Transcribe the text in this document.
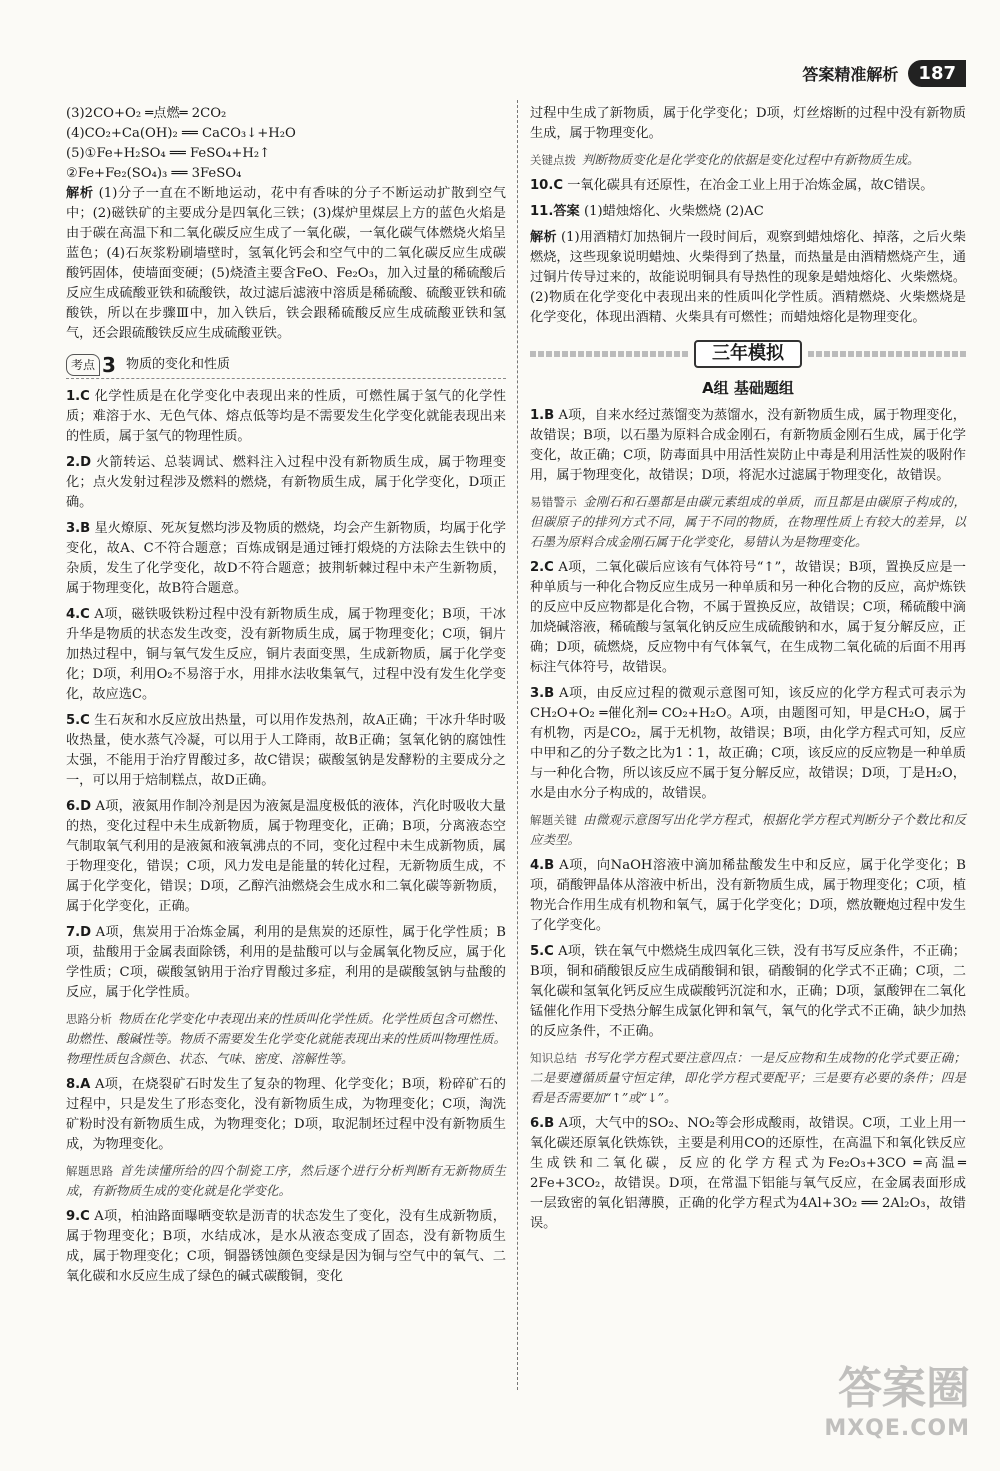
答案精准解析	187

(3)2CO+O₂ ═点燃═ 2CO₂

(4)CO₂+Ca(OH)₂ ══ CaCO₃↓+H₂O

(5)①Fe+H₂SO₄ ══ FeSO₄+H₂↑

②Fe+Fe₂(SO₄)₃ ══ 3FeSO₄

解析 (1)分子一直在不断地运动，花中有香味的分子不断运动扩散到空气中；(2)磁铁矿的主要成分是四氧化三铁；(3)煤炉里煤层上方的蓝色火焰是由于碳在高温下和二氧化碳反应生成了一氧化碳，一氧化碳气体燃烧火焰呈蓝色；(4)石灰浆粉刷墙壁时，氢氧化钙会和空气中的二氧化碳反应生成碳酸钙固体，使墙面变硬；(5)烧渣主要含FeO、Fe₂O₃，加入过量的稀硫酸后反应生成硫酸亚铁和硫酸铁，故过滤后滤液中溶质是稀硫酸、硫酸亚铁和硫酸铁，所以在步骤Ⅲ中，加入铁后，铁会跟稀硫酸反应生成硫酸亚铁和氢气，还会跟硫酸铁反应生成硫酸亚铁。

考点 3 物质的变化和性质

1.C 化学性质是在化学变化中表现出来的性质，可燃性属于氢气的化学性质；难溶于水、无色气体、熔点低等均是不需要发生化学变化就能表现出来的性质，属于氢气的物理性质。

2.D 火箭转运、总装调试、燃料注入过程中没有新物质生成，属于物理变化；点火发射过程涉及燃料的燃烧，有新物质生成，属于化学变化，D项正确。

3.B 星火燎原、死灰复燃均涉及物质的燃烧，均会产生新物质，均属于化学变化，故A、C不符合题意；百炼成钢是通过锤打煅烧的方法除去生铁中的杂质，发生了化学变化，故D不符合题意；披荆斩棘过程中未产生新物质，属于物理变化，故B符合题意。

4.C A项，磁铁吸铁粉过程中没有新物质生成，属于物理变化；B项，干冰升华是物质的状态发生改变，没有新物质生成，属于物理变化；C项，铜片加热过程中，铜与氧气发生反应，铜片表面变黑，生成新物质，属于化学变化；D项，利用O₂不易溶于水，用排水法收集氧气，过程中没有发生化学变化，故应选C。

5.C 生石灰和水反应放出热量，可以用作发热剂，故A正确；干冰升华时吸收热量，使水蒸气冷凝，可以用于人工降雨，故B正确；氢氧化钠的腐蚀性太强，不能用于治疗胃酸过多，故C错误；碳酸氢钠是发酵粉的主要成分之一，可以用于焙制糕点，故D正确。

6.D A项，液氮用作制冷剂是因为液氮是温度极低的液体，汽化时吸收大量的热，变化过程中未生成新物质，属于物理变化，正确；B项，分离液态空气制取氧气利用的是液氮和液氧沸点的不同，变化过程中未生成新物质，属于物理变化，错误；C项，风力发电是能量的转化过程，无新物质生成，不属于化学变化，错误；D项，乙醇汽油燃烧会生成水和二氧化碳等新物质，属于化学变化，正确。

7.D A项，焦炭用于冶炼金属，利用的是焦炭的还原性，属于化学性质；B项，盐酸用于金属表面除锈，利用的是盐酸可以与金属氧化物反应，属于化学性质；C项，碳酸氢钠用于治疗胃酸过多症，利用的是碳酸氢钠与盐酸的反应，属于化学性质。

思路分析 物质在化学变化中表现出来的性质叫化学性质。化学性质包含可燃性、助燃性、酸碱性等。物质不需要发生化学变化就能表现出来的性质叫物理性质。物理性质包含颜色、状态、气味、密度、溶解性等。

8.A A项，在烧裂矿石时发生了复杂的物理、化学变化；B项，粉碎矿石的过程中，只是发生了形态变化，没有新物质生成，为物理变化；C项，淘洗矿粉时没有新物质生成，为物理变化；D项，取泥制坯过程中没有新物质生成，为物理变化。

解题思路 首先读懂所给的四个制瓷工序，然后逐个进行分析判断有无新物质生成，有新物质生成的变化就是化学变化。

9.C A项，柏油路面曝晒变软是沥青的状态发生了变化，没有生成新物质，属于物理变化；B项，水结成冰，是水从液态变成了固态，没有新物质生成，属于物理变化；C项，铜器锈蚀颜色变绿是因为铜与空气中的氧气、二氧化碳和水反应生成了绿色的碱式碳酸铜，变化

过程中生成了新物质，属于化学变化；D项，灯丝熔断的过程中没有新物质生成，属于物理变化。

关键点拨 判断物质变化是化学变化的依据是变化过程中有新物质生成。

10.C 一氧化碳具有还原性，在冶金工业上用于冶炼金属，故C错误。

11.答案 (1)蜡烛熔化、火柴燃烧 (2)AC

解析 (1)用酒精灯加热铜片一段时间后，观察到蜡烛熔化、掉落，之后火柴燃烧，这些现象说明蜡烛、火柴得到了热量，而热量是由酒精燃烧产生，通过铜片传导过来的，故能说明铜具有导热性的现象是蜡烛熔化、火柴燃烧。(2)物质在化学变化中表现出来的性质叫化学性质。酒精燃烧、火柴燃烧是化学变化，体现出酒精、火柴具有可燃性；而蜡烛熔化是物理变化。

三年模拟
A组 基础题组

1.B A项，自来水经过蒸馏变为蒸馏水，没有新物质生成，属于物理变化，故错误；B项，以石墨为原料合成金刚石，有新物质金刚石生成，属于化学变化，故正确；C项，防毒面具中用活性炭防止中毒是利用活性炭的吸附作用，属于物理变化，故错误；D项，将泥水过滤属于物理变化，故错误。

易错警示 金刚石和石墨都是由碳元素组成的单质，而且都是由碳原子构成的，但碳原子的排列方式不同，属于不同的物质，在物理性质上有较大的差异，以石墨为原料合成金刚石属于化学变化，易错认为是物理变化。

2.C A项，二氧化碳后应该有气体符号“↑”，故错误；B项，置换反应是一种单质与一种化合物反应生成另一种单质和另一种化合物的反应，高炉炼铁的反应中反应物都是化合物，不属于置换反应，故错误；C项，稀硫酸中滴加烧碱溶液，稀硫酸与氢氧化钠反应生成硫酸钠和水，属于复分解反应，正确；D项，硫燃烧，反应物中有气体氧气，在生成物二氧化硫的后面不用再标注气体符号，故错误。

3.B A项，由反应过程的微观示意图可知，该反应的化学方程式可表示为CH₂O+O₂ ═催化剂═ CO₂+H₂O。A项，由题图可知，甲是CH₂O，属于有机物，丙是CO₂，属于无机物，故错误；B项，由化学方程式可知，反应中甲和乙的分子数之比为1∶1，故正确；C项，该反应的反应物是一种单质与一种化合物，所以该反应不属于复分解反应，故错误；D项，丁是H₂O，水是由水分子构成的，故错误。

解题关键 由微观示意图写出化学方程式，根据化学方程式判断分子个数比和反应类型。

4.B A项，向NaOH溶液中滴加稀盐酸发生中和反应，属于化学变化；B项，硝酸钾晶体从溶液中析出，没有新物质生成，属于物理变化；C项，植物光合作用生成有机物和氧气，属于化学变化；D项，燃放鞭炮过程中发生了化学变化。

5.C A项，铁在氧气中燃烧生成四氧化三铁，没有书写反应条件，不正确；B项，铜和硝酸银反应生成硝酸铜和银，硝酸铜的化学式不正确；C项，二氧化碳和氢氧化钙反应生成碳酸钙沉淀和水，正确；D项，氯酸钾在二氧化锰催化作用下受热分解生成氯化钾和氧气，氧气的化学式不正确，缺少加热的反应条件，不正确。

知识总结 书写化学方程式要注意四点：一是反应物和生成物的化学式要正确；二是要遵循质量守恒定律，即化学方程式要配平；三是要有必要的条件；四是看是否需要加“↑”或“↓”。

6.B A项，大气中的SO₂、NO₂等会形成酸雨，故错误。C项，工业上用一氧化碳还原氧化铁炼铁，主要是利用CO的还原性，在高温下和氧化铁反应生成铁和二氧化碳，反应的化学方程式为Fe₂O₃+3CO ═高温═ 2Fe+3CO₂，故错误。D项，在常温下铝能与氧气反应，在金属表面形成一层致密的氧化铝薄膜，正确的化学方程式为4Al+3O₂ ══ 2Al₂O₃，故错误。

答案圈
MXQE.COM
